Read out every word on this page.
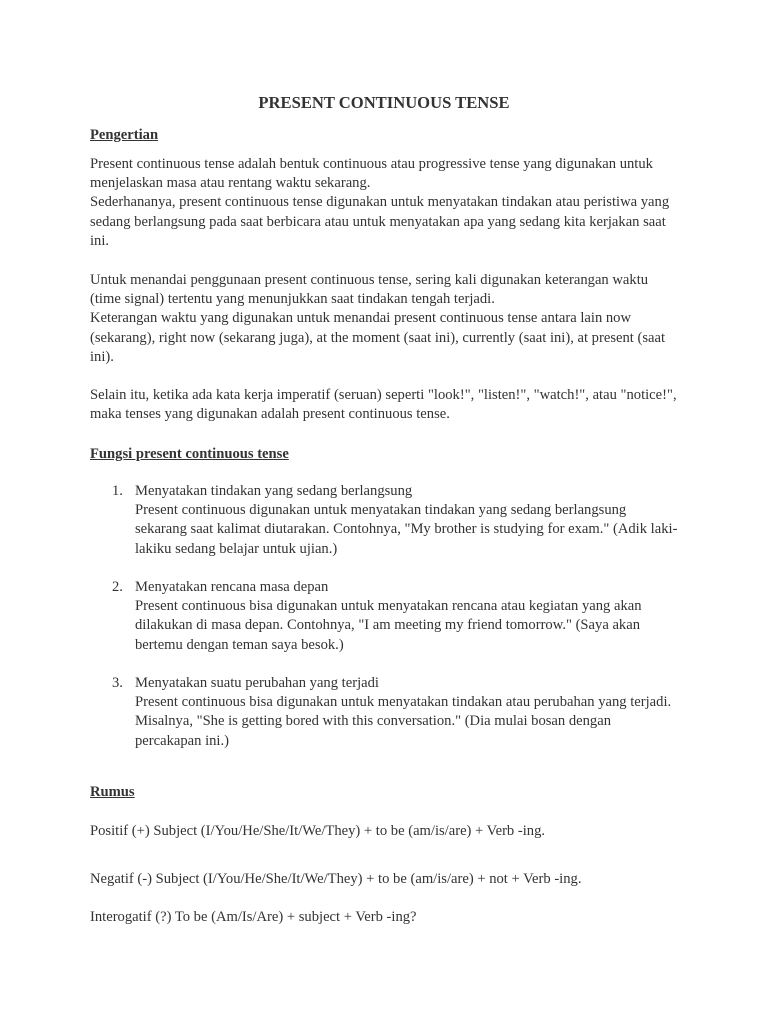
PRESENT CONTINUOUS TENSE
Pengertian

Present continuous tense adalah bentuk continuous atau progressive tense yang digunakan untuk menjelaskan masa atau rentang waktu sekarang.

Sederhananya, present continuous tense digunakan untuk menyatakan tindakan atau peristiwa yang sedang berlangsung pada saat berbicara atau untuk menyatakan apa yang sedang kita kerjakan saat ini.

Untuk menandai penggunaan present continuous tense, sering kali digunakan keterangan waktu (time signal) tertentu yang menunjukkan saat tindakan tengah terjadi.

Keterangan waktu yang digunakan untuk menandai present continuous tense antara lain now (sekarang), right now (sekarang juga), at the moment (saat ini), currently (saat ini), at present (saat ini).

Selain itu, ketika ada kata kerja imperatif (seruan) seperti "look!", "listen!", "watch!", atau "notice!", maka tenses yang digunakan adalah present continuous tense.

Fungsi present continuous tense
1. Menyatakan tindakan yang sedang berlangsung

Present continuous digunakan untuk menyatakan tindakan yang sedang berlangsung sekarang saat kalimat diutarakan. Contohnya, "My brother is studying for exam." (Adik laki-lakiku sedang belajar untuk ujian.)

2. Menyatakan rencana masa depan

Present continuous bisa digunakan untuk menyatakan rencana atau kegiatan yang akan dilakukan di masa depan. Contohnya, "I am meeting my friend tomorrow." (Saya akan bertemu dengan teman saya besok.)

3. Menyatakan suatu perubahan yang terjadi

Present continuous bisa digunakan untuk menyatakan tindakan atau perubahan yang terjadi. Misalnya, "She is getting bored with this conversation." (Dia mulai bosan dengan percakapan ini.)

Rumus

Positif (+) Subject (I/You/He/She/It/We/They) + to be (am/is/are) + Verb -ing.

Negatif (-) Subject (I/You/He/She/It/We/They) + to be (am/is/are) + not + Verb -ing.

Interogatif (?) To be (Am/Is/Are) + subject + Verb -ing?
